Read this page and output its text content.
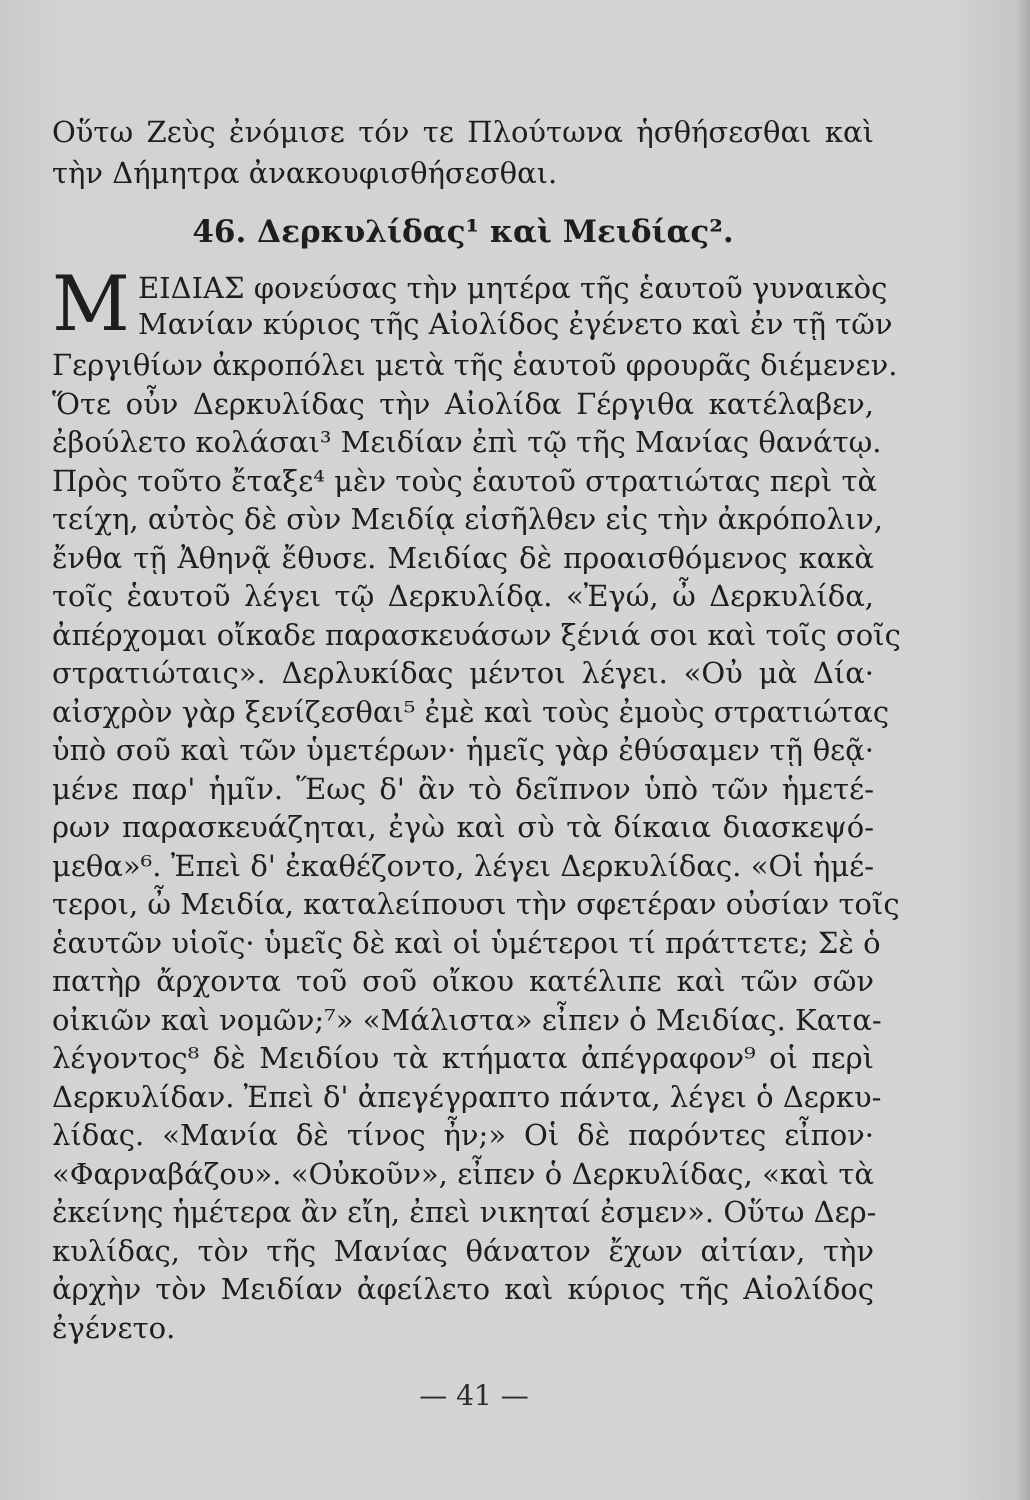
Οὕτω Ζεὺς ἐνόμισε τόν τε Πλούτωνα ἡσθήσεσθαι καὶ
τὴν Δήμητρα ἀνακουφισθήσεσθαι.
46. Δερκυλίδας¹ καὶ Μειδίας².
Μ ΕΙΔΙΑΣ φονεύσας τὴν μητέρα τῆς ἑαυτοῦ γυναικὸς
Μανίαν κύριος τῆς Αἰολίδος ἐγένετο καὶ ἐν τῇ τῶν
Γεργιθίων ἀκροπόλει μετὰ τῆς ἑαυτοῦ φρουρᾶς διέμενεν.
Ὅτε οὖν Δερκυλίδας τὴν Αἰολίδα Γέργιθα κατέλαβεν,
ἐβούλετο κολάσαι³ Μειδίαν ἐπὶ τῷ τῆς Μανίας θανάτῳ.
Πρὸς τοῦτο ἔταξε⁴ μὲν τοὺς ἑαυτοῦ στρατιώτας περὶ τὰ
τείχη, αὐτὸς δὲ σὺν Μειδίᾳ εἰσῆλθεν εἰς τὴν ἀκρόπολιν,
ἔνθα τῇ Ἀθηνᾷ ἔθυσε. Μειδίας δὲ προαισθόμενος κακὰ
τοῖς ἑαυτοῦ λέγει τῷ Δερκυλίδᾳ. «Ἐγώ, ὦ Δερκυλίδα,
ἀπέρχομαι οἴκαδε παρασκευάσων ξένιά σοι καὶ τοῖς σοῖς
στρατιώταις». Δερλυκίδας μέντοι λέγει. «Οὐ μὰ Δία·
αἰσχρὸν γὰρ ξενίζεσθαι⁵ ἐμὲ καὶ τοὺς ἐμοὺς στρατιώτας
ὑπὸ σοῦ καὶ τῶν ὑμετέρων· ἡμεῖς γὰρ ἐθύσαμεν τῇ θεᾷ·
μένε παρ' ἡμῖν. Ἕως δ' ἂν τὸ δεῖπνον ὑπὸ τῶν ἡμετέ-
ρων παρασκευάζηται, ἐγὼ καὶ σὺ τὰ δίκαια διασκεψό-
μεθα»⁶. Ἐπεὶ δ' ἐκαθέζοντο, λέγει Δερκυλίδας. «Οἱ ἡμέ-
τεροι, ὦ Μειδία, καταλείπουσι τὴν σφετέραν οὐσίαν τοῖς
ἑαυτῶν υἱοῖς· ὑμεῖς δὲ καὶ οἱ ὑμέτεροι τί πράττετε; Σὲ ὁ
πατὴρ ἄρχοντα τοῦ σοῦ οἴκου κατέλιπε καὶ τῶν σῶν
οἰκιῶν καὶ νομῶν;⁷» «Μάλιστα» εἶπεν ὁ Μειδίας. Κατα-
λέγοντος⁸ δὲ Μειδίου τὰ κτήματα ἀπέγραφον⁹ οἱ περὶ
Δερκυλίδαν. Ἐπεὶ δ' ἀπεγέγραπτο πάντα, λέγει ὁ Δερκυ-
λίδας. «Μανία δὲ τίνος ἦν;» Οἱ δὲ παρόντες εἶπον·
«Φαρναβάζου». «Οὐκοῦν», εἶπεν ὁ Δερκυλίδας, «καὶ τὰ
ἐκείνης ἡμέτερα ἂν εἴη, ἐπεὶ νικηταί ἐσμεν». Οὕτω Δερ-
κυλίδας, τὸν τῆς Μανίας θάνατον ἔχων αἰτίαν, τὴν
ἀρχὴν τὸν Μειδίαν ἀφείλετο καὶ κύριος τῆς Αἰολίδος
ἐγένετο.
— 41 —
